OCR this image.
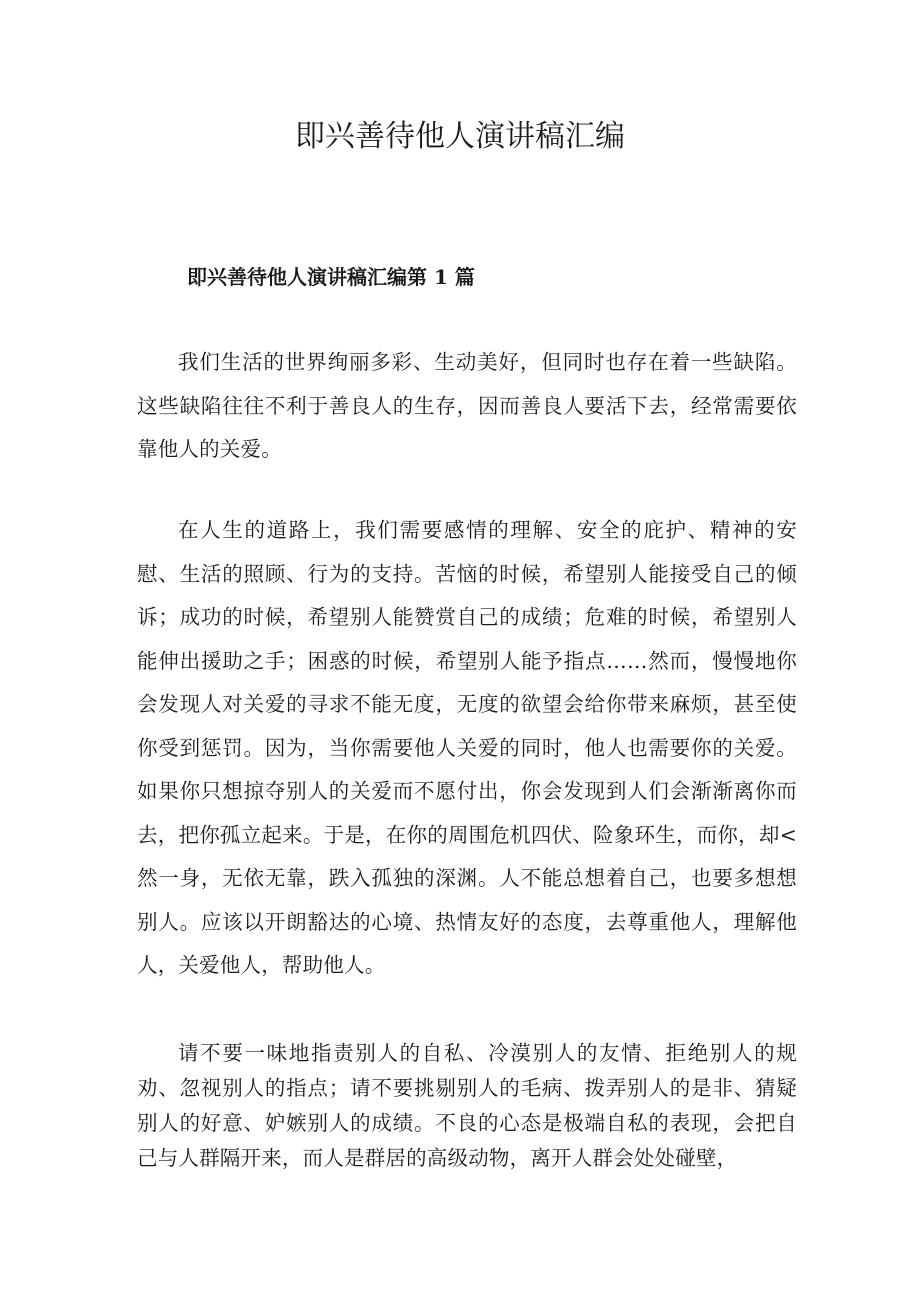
即兴善待他人演讲稿汇编
即兴善待他人演讲稿汇编第 1 篇

我们生活的世界绚丽多彩、生动美好，但同时也存在着一些缺陷。这些缺陷往往不利于善良人的生存，因而善良人要活下去，经常需要依靠他人的关爱。

在人生的道路上，我们需要感情的理解、安全的庇护、精神的安慰、生活的照顾、行为的支持。苦恼的时候，希望别人能接受自己的倾诉；成功的时候，希望别人能赞赏自己的成绩；危难的时候，希望别人能伸出援助之手；困惑的时候，希望别人能予指点……然而，慢慢地你会发现人对关爱的寻求不能无度，无度的欲望会给你带来麻烦，甚至使你受到惩罚。因为，当你需要他人关爱的同时，他人也需要你的关爱。如果你只想掠夺别人的关爱而不愿付出，你会发现到人们会渐渐离你而去，把你孤立起来。于是，在你的周围危机四伏、险象环生，而你，却<然一身，无依无靠，跌入孤独的深渊。人不能总想着自己，也要多想想别人。应该以开朗豁达的心境、热情友好的态度，去尊重他人，理解他人，关爱他人，帮助他人。

请不要一味地指责别人的自私、冷漠别人的友情、拒绝别人的规劝、忽视别人的指点；请不要挑剔别人的毛病、拨弄别人的是非、猜疑别人的好意、妒嫉别人的成绩。不良的心态是极端自私的表现，会把自己与人群隔开来，而人是群居的高级动物，离开人群会处处碰壁，
